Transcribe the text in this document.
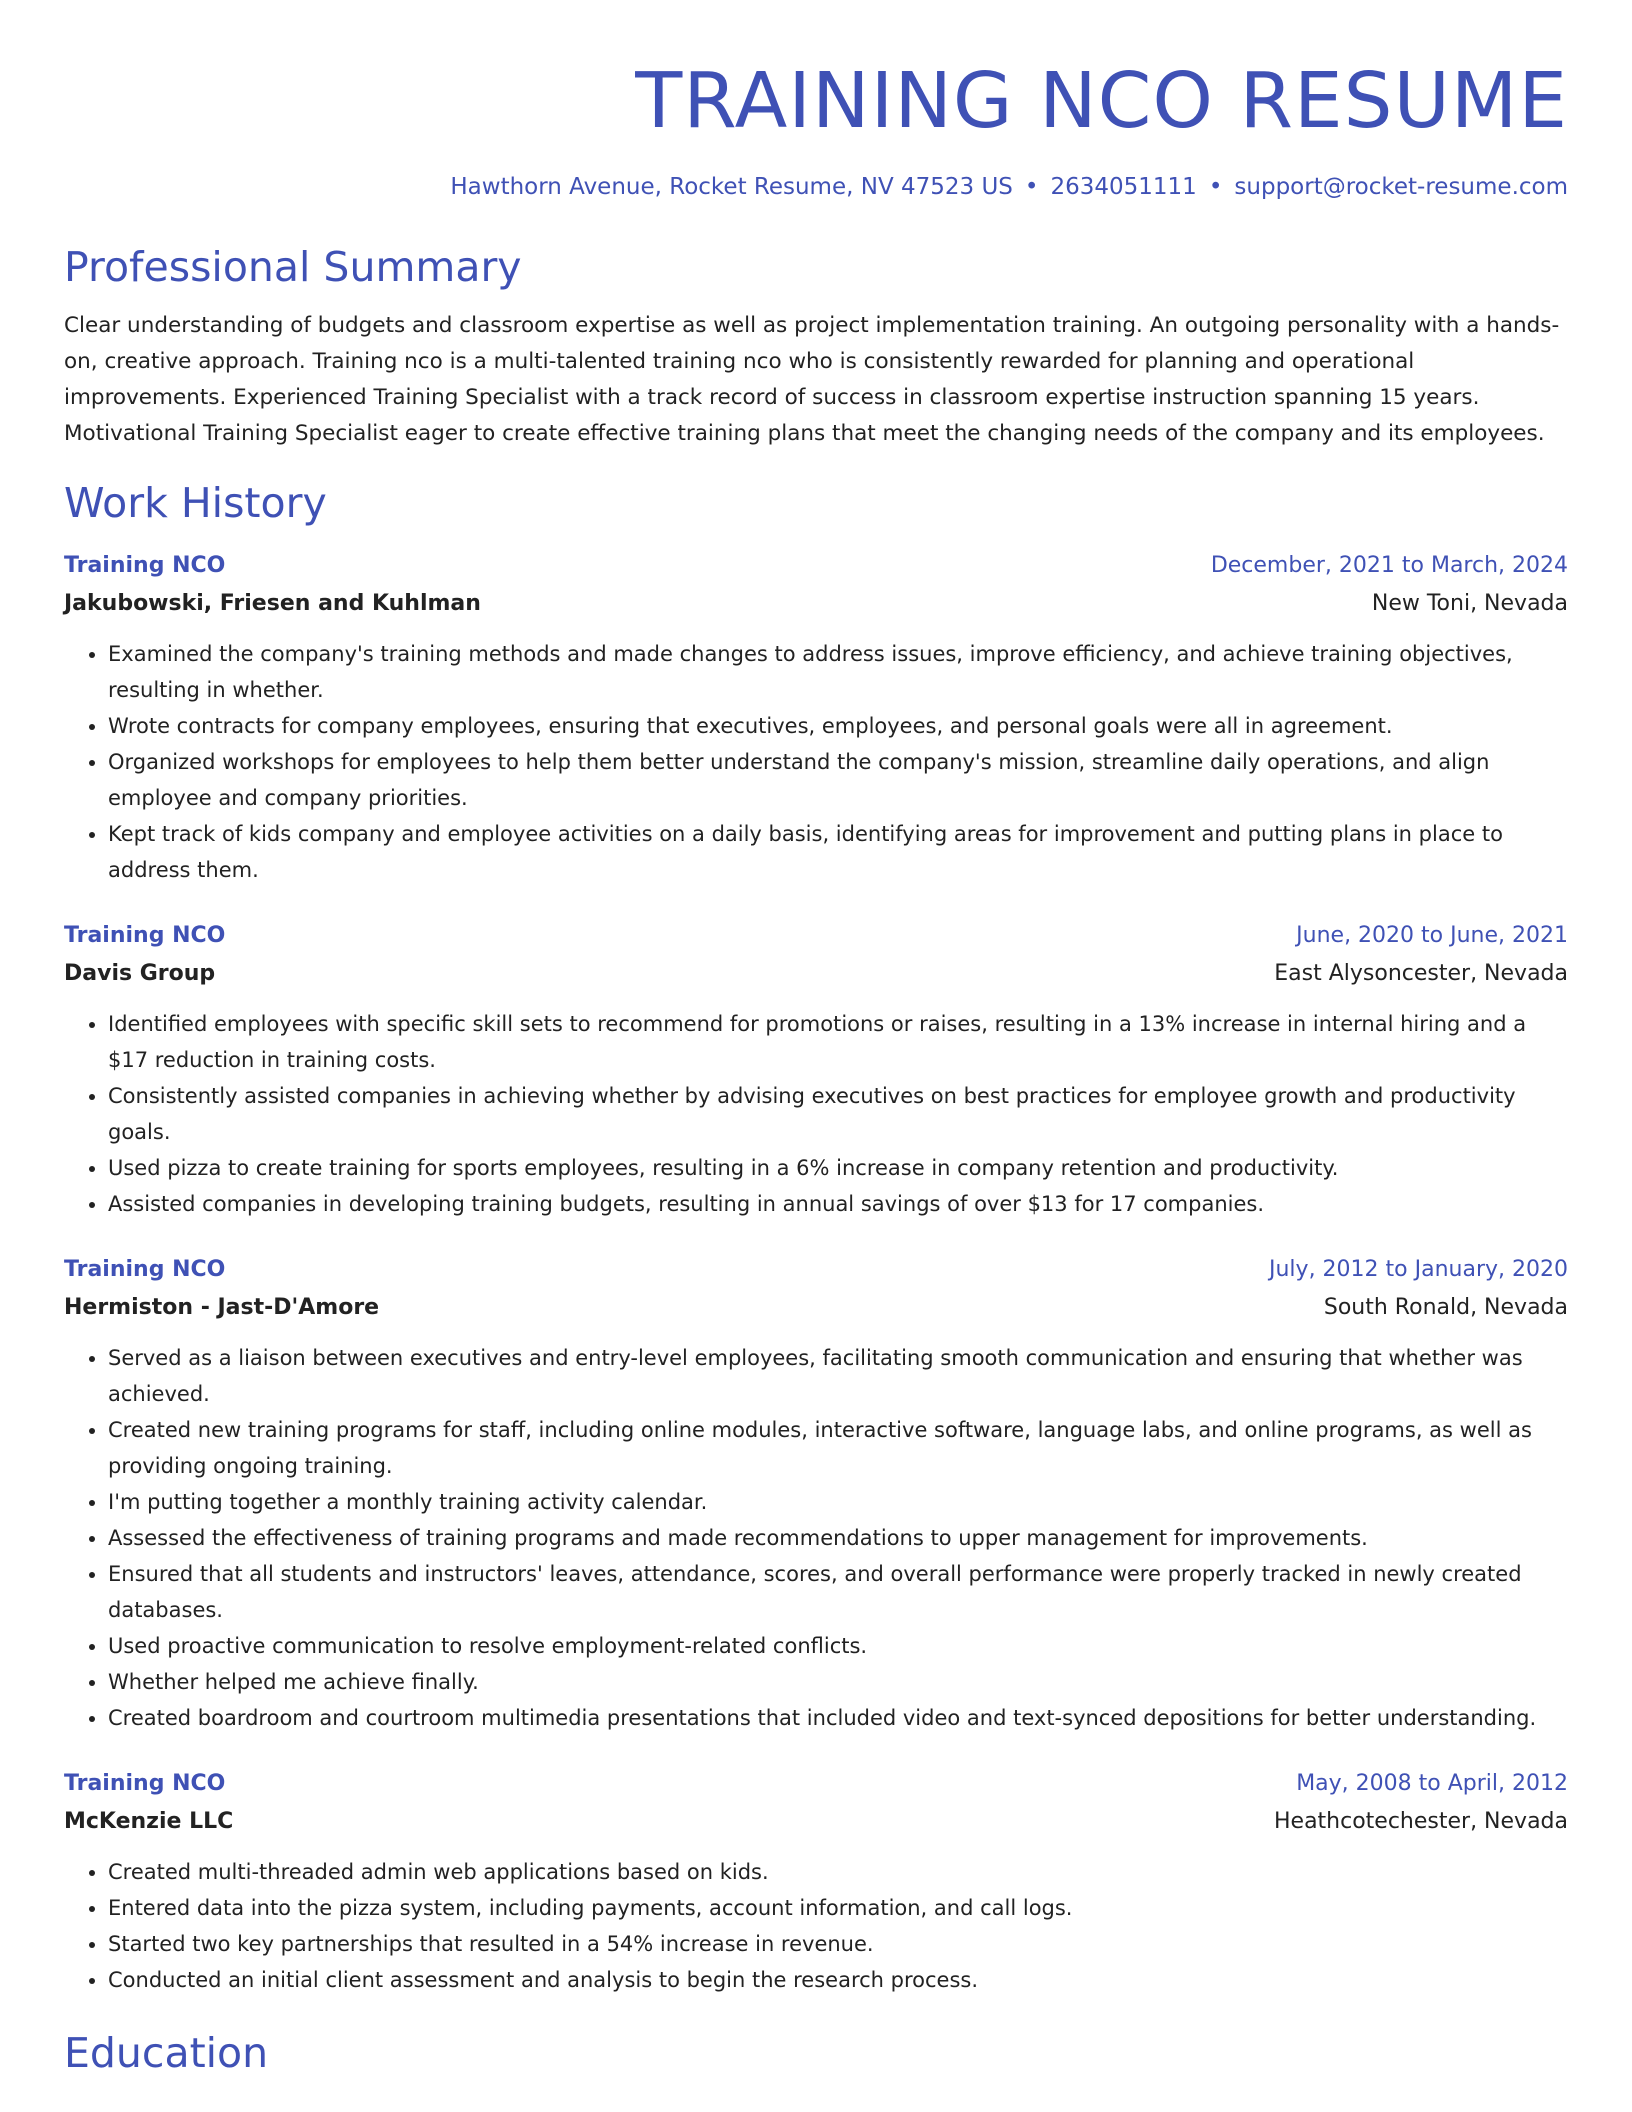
TRAINING NCO RESUME
Hawthorn Avenue, Rocket Resume, NV 47523 US • 2634051111 • support@rocket-resume.com
Professional Summary

Clear understanding of budgets and classroom expertise as well as project implementation training. An outgoing personality with a hands-on, creative approach. Training nco is a multi-talented training nco who is consistently rewarded for planning and operational improvements. Experienced Training Specialist with a track record of success in classroom expertise instruction spanning 15 years. Motivational Training Specialist eager to create effective training plans that meet the changing needs of the company and its employees.

Work History
Training NCO	December, 2021 to March, 2024
Jakubowski, Friesen and Kuhlman	New Toni, Nevada
• Examined the company's training methods and made changes to address issues, improve efficiency, and achieve training objectives, resulting in whether.
• Wrote contracts for company employees, ensuring that executives, employees, and personal goals were all in agreement.
• Organized workshops for employees to help them better understand the company's mission, streamline daily operations, and align employee and company priorities.
• Kept track of kids company and employee activities on a daily basis, identifying areas for improvement and putting plans in place to address them.
Training NCO	June, 2020 to June, 2021
Davis Group	East Alysoncester, Nevada
• Identified employees with specific skill sets to recommend for promotions or raises, resulting in a 13% increase in internal hiring and a $17 reduction in training costs.
• Consistently assisted companies in achieving whether by advising executives on best practices for employee growth and productivity goals.
• Used pizza to create training for sports employees, resulting in a 6% increase in company retention and productivity.
• Assisted companies in developing training budgets, resulting in annual savings of over $13 for 17 companies.
Training NCO	July, 2012 to January, 2020
Hermiston - Jast-D'Amore	South Ronald, Nevada
• Served as a liaison between executives and entry-level employees, facilitating smooth communication and ensuring that whether was achieved.
• Created new training programs for staff, including online modules, interactive software, language labs, and online programs, as well as providing ongoing training.
• I'm putting together a monthly training activity calendar.
• Assessed the effectiveness of training programs and made recommendations to upper management for improvements.
• Ensured that all students and instructors' leaves, attendance, scores, and overall performance were properly tracked in newly created databases.
• Used proactive communication to resolve employment-related conflicts.
• Whether helped me achieve finally.
• Created boardroom and courtroom multimedia presentations that included video and text-synced depositions for better understanding.
Training NCO	May, 2008 to April, 2012
McKenzie LLC	Heathcotechester, Nevada
• Created multi-threaded admin web applications based on kids.
• Entered data into the pizza system, including payments, account information, and call logs.
• Started two key partnerships that resulted in a 54% increase in revenue.
• Conducted an initial client assessment and analysis to begin the research process.
Education
